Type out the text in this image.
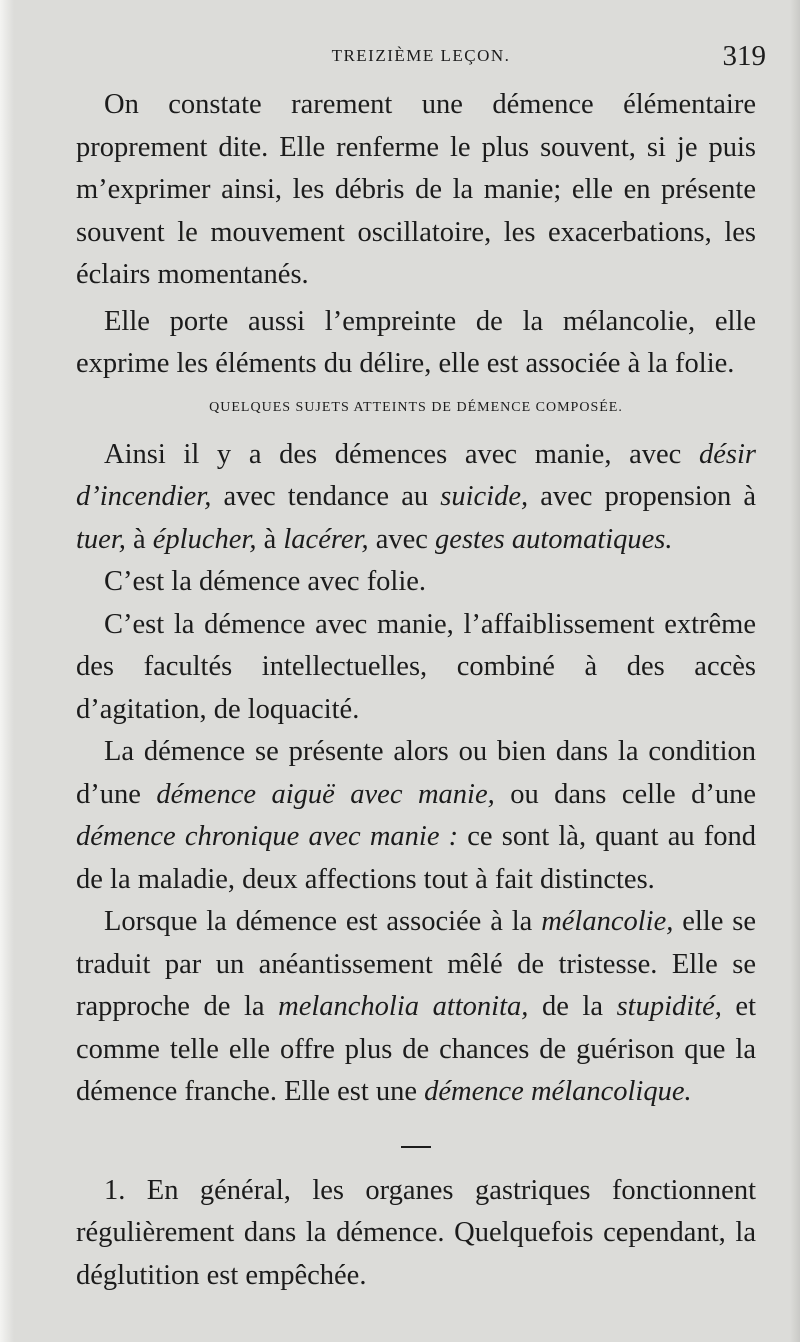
TREIZIÈME LEÇON.	319

On constate rarement une démence élémentaire proprement dite. Elle renferme le plus souvent, si je puis m’exprimer ainsi, les débris de la manie; elle en présente souvent le mouvement oscillatoire, les exacerbations, les éclairs momentanés.

Elle porte aussi l’empreinte de la mélancolie, elle exprime les éléments du délire, elle est associée à la folie.

QUELQUES SUJETS ATTEINTS DE DÉMENCE COMPOSÉE.

Ainsi il y a des démences avec manie, avec désir d’incendier, avec tendance au suicide, avec propension à tuer, à éplucher, à lacérer, avec gestes automatiques.

C’est la démence avec folie.

C’est la démence avec manie, l’affaiblissement extrême des facultés intellectuelles, combiné à des accès d’agitation, de loquacité.

La démence se présente alors ou bien dans la condition d’une démence aiguë avec manie, ou dans celle d’une démence chronique avec manie : ce sont là, quant au fond de la maladie, deux affections tout à fait distinctes.

Lorsque la démence est associée à la mélancolie, elle se traduit par un anéantissement mêlé de tristesse. Elle se rapproche de la melancholia attonita, de la stupidité, et comme telle elle offre plus de chances de guérison que la démence franche. Elle est une démence mélancolique.

1. En général, les organes gastriques fonctionnent régulièrement dans la démence. Quelquefois cependant, la déglutition est empêchée.
